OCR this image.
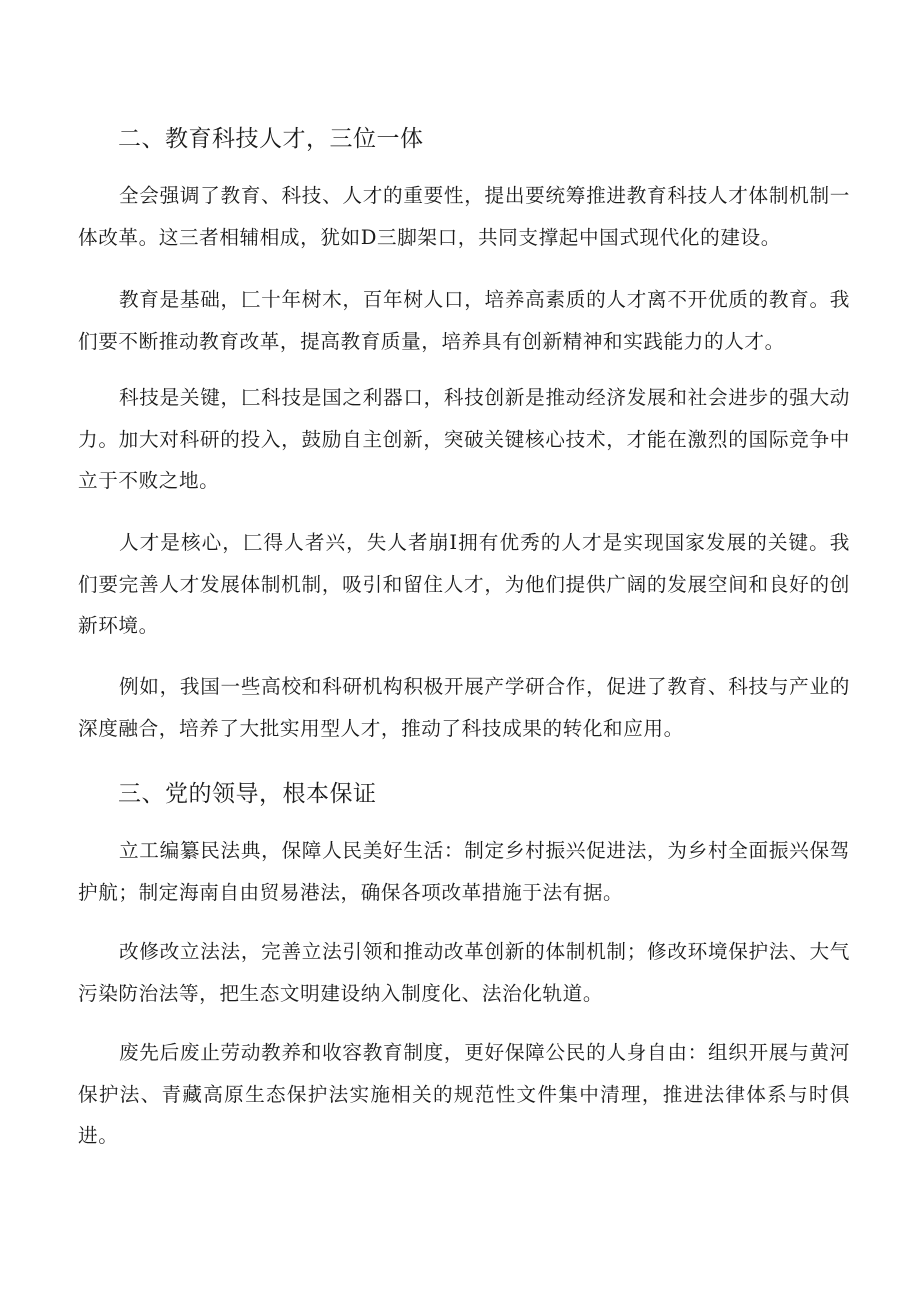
二、教育科技人才，三位一体

全会强调了教育、科技、人才的重要性，提出要统筹推进教育科技人才体制机制一体改革。这三者相辅相成，犹如D三脚架口，共同支撑起中国式现代化的建设。

教育是基础，匚十年树木，百年树人口，培养高素质的人才离不开优质的教育。我们要不断推动教育改革，提高教育质量，培养具有创新精神和实践能力的人才。

科技是关键，匚科技是国之利器口，科技创新是推动经济发展和社会进步的强大动力。加大对科研的投入，鼓励自主创新，突破关键核心技术，才能在激烈的国际竞争中立于不败之地。

人才是核心，匚得人者兴，失人者崩I拥有优秀的人才是实现国家发展的关键。我们要完善人才发展体制机制，吸引和留住人才，为他们提供广阔的发展空间和良好的创新环境。

例如，我国一些高校和科研机构积极开展产学研合作，促进了教育、科技与产业的深度融合，培养了大批实用型人才，推动了科技成果的转化和应用。

三、党的领导，根本保证

立工编纂民法典，保障人民美好生活：制定乡村振兴促进法，为乡村全面振兴保驾护航；制定海南自由贸易港法，确保各项改革措施于法有据。

改修改立法法，完善立法引领和推动改革创新的体制机制；修改环境保护法、大气污染防治法等，把生态文明建设纳入制度化、法治化轨道。

废先后废止劳动教养和收容教育制度，更好保障公民的人身自由：组织开展与黄河保护法、青藏高原生态保护法实施相关的规范性文件集中清理，推进法律体系与时俱进。
